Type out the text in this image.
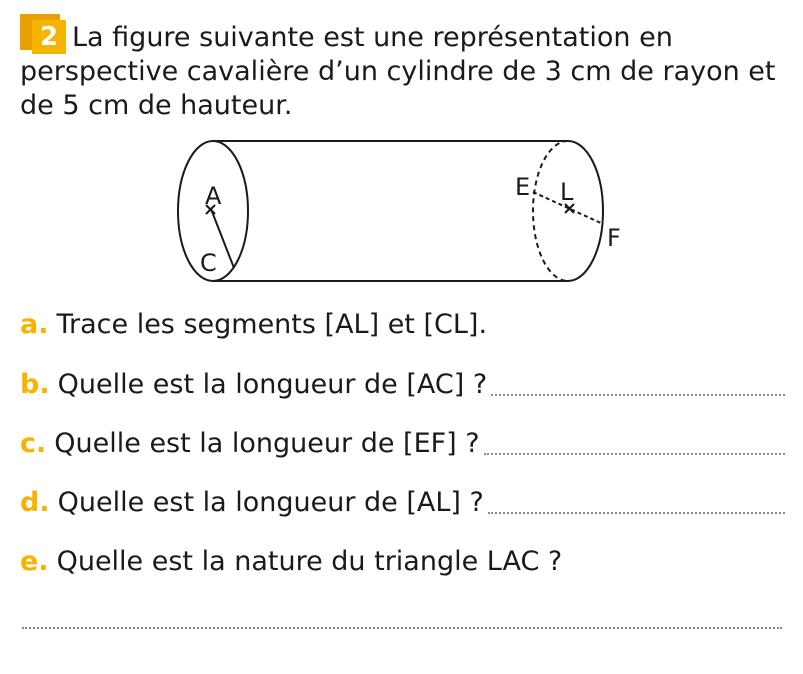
2 La figure suivante est une représentation en perspective cavalière d’un cylindre de 3 cm de rayon et de 5 cm de hauteur.
A
C
E L
F
a. Trace les segments [AL] et [CL].
b. Quelle est la longueur de [AC] ?
c. Quelle est la longueur de [EF] ?
d. Quelle est la longueur de [AL] ?
e. Quelle est la nature du triangle LAC ?
